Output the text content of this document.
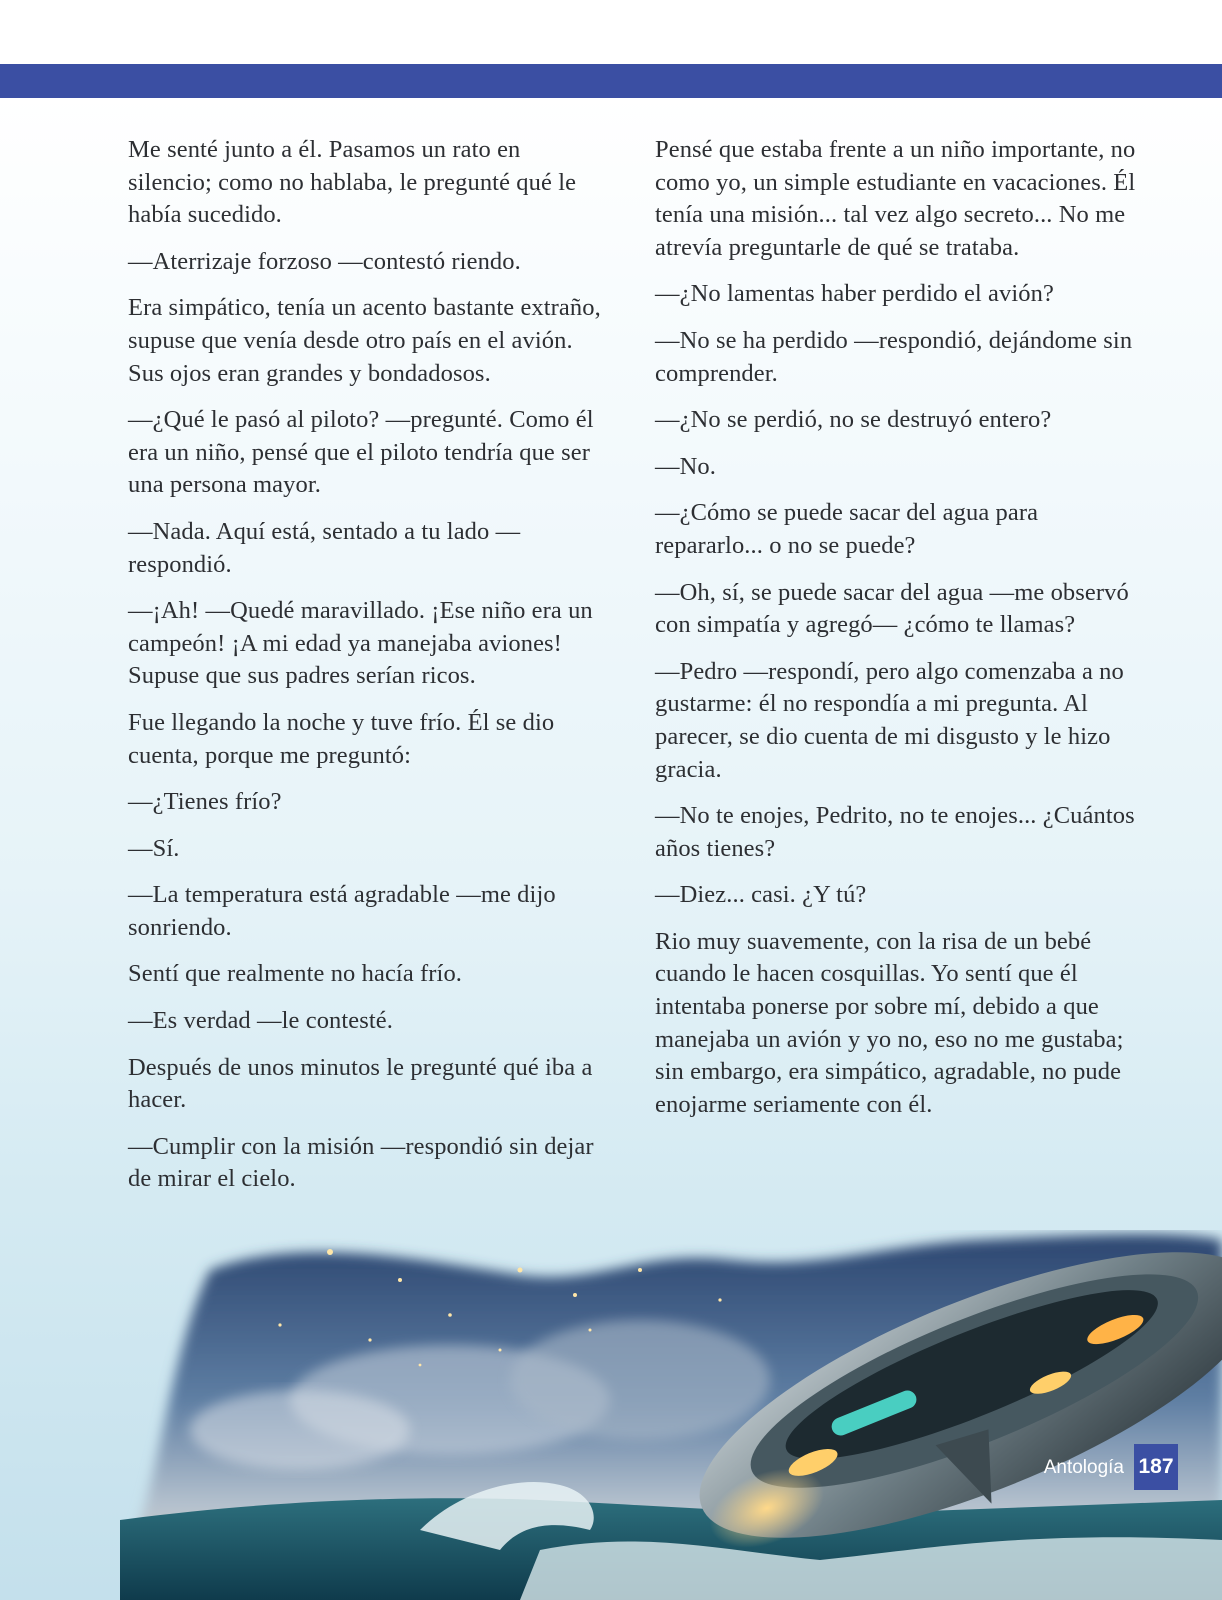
Me senté junto a él. Pasamos un rato en silencio; como no hablaba, le pregunté qué le había sucedido.

—Aterrizaje forzoso —contestó riendo.

Era simpático, tenía un acento bastante extraño, supuse que venía desde otro país en el avión. Sus ojos eran grandes y bondadosos.

—¿Qué le pasó al piloto? —pregunté. Como él era un niño, pensé que el piloto tendría que ser una persona mayor.

—Nada. Aquí está, sentado a tu lado —respondió.

—¡Ah! —Quedé maravillado. ¡Ese niño era un campeón! ¡A mi edad ya manejaba aviones! Supuse que sus padres serían ricos.

Fue llegando la noche y tuve frío. Él se dio cuenta, porque me preguntó:

—¿Tienes frío?

—Sí.

—La temperatura está agradable —me dijo sonriendo.

Sentí que realmente no hacía frío.

—Es verdad —le contesté.

Después de unos minutos le pregunté qué iba a hacer.

—Cumplir con la misión —respondió sin dejar de mirar el cielo.

Pensé que estaba frente a un niño importante, no como yo, un simple estudiante en vacaciones. Él tenía una misión... tal vez algo secreto... No me atrevía preguntarle de qué se trataba.

—¿No lamentas haber perdido el avión?

—No se ha perdido —respondió, dejándome sin comprender.

—¿No se perdió, no se destruyó entero?

—No.

—¿Cómo se puede sacar del agua para repararlo... o no se puede?

—Oh, sí, se puede sacar del agua —me observó con simpatía y agregó— ¿cómo te llamas?

—Pedro —respondí, pero algo comenzaba a no gustarme: él no respondía a mi pregunta. Al parecer, se dio cuenta de mi disgusto y le hizo gracia.

—No te enojes, Pedrito, no te enojes... ¿Cuántos años tienes?

—Diez... casi. ¿Y tú?

Rio muy suavemente, con la risa de un bebé cuando le hacen cosquillas. Yo sentí que él intentaba ponerse por sobre mí, debido a que manejaba un avión y yo no, eso no me gustaba; sin embargo, era simpático, agradable, no pude enojarme seriamente con él.

Antología 187
